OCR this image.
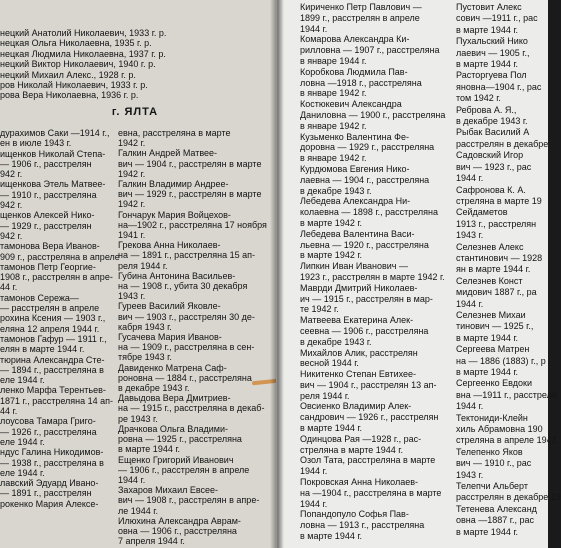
нецкий Анатолий Николаевич, 1933 г. р.
нецкая Ольга Николаевна, 1935 г. р.
нецкая Людмила Николаевна, 1937 г. р.
нецкий Виктор Николаевич, 1940 г. р.
нецкий Михаил Алекс., 1928 г. р.
ров Николай Николаевич, 1933 г. р.
рова Вера Николаевна, 1936 г. р.
г. ЯЛТА
дурахимов Саки —1914 г.,
ен в июле 1943 г.
ищенков Николай Степа-
— 1906 г., расстрелян
942 г.
ищенкова Этель Матвее-
— 1910 г., расстреляна
942 г.
щенков Алексей Нико-
— 1929 г., расстрелян
942 г.
тамонова Вера Иванов-
909 г., расстреляна в апреле
тамонов Петр Георгие-
1908 г., расстрелян в апре-
44 г.
тамонов Сережа—
— расстрелян в апреле
рохина Ксения — 1903 г.,
еляна 12 апреля 1944 г.
тамонов Гафур — 1911 г.,
елян в марте 1944 г.
тюрина Александра Сте-
— 1894 г., расстреляна в
еле 1944 г.
ленко Марфа Терентьев-
1871 г., расстреляна 14 ап-
44 г.
лоусова Тамара Григо-
— 1926 г., расстреляна
еле 1944 г.
ндус Галина Никодимов-
— 1938 г., расстреляна в
еле 1944 г.
лавский Эдуард Ивано-
— 1891 г., расстрелян
рокенко Мария Алексе-
евна, расстреляна в марте
1942 г.
Галкин Андрей Матвее-
вич — 1904 г., расстрелян в марте
1942 г.
Галкин Владимир Андрее-
вич — 1929 г., расстрелян в марте
1942 г.
Гончарук Мария Войцехов-
на—1902 г., расстреляна 17 ноября
1941 г.
Грекова Анна Николаев-
на — 1891 г., расстреляна 15 ап-
реля 1944 г.
Губина Антонина Васильев-
на — 1908 г., убита 30 декабря
1943 г.
Гуреев Василий Яковле-
вич — 1903 г., расстрелян 30 де-
кабря 1943 г.
Гусачева Мария Иванов-
на — 1909 г., расстреляна в сен-
тябре 1943 г.
Давиденко Матрена Саф-
роновна — 1884 г., расстреляна
в декабре 1943 г.
Давыдова Вера Дмитриев-
на — 1915 г., расстреляна в декаб-
ре 1943 г.
Драчкова Ольга Владими-
ровна — 1925 г., расстреляна
в марте 1944 г.
Ещенко Григорий Иванович
— 1906 г., расстрелян в апреле
1944 г.
Захаров Михаил Евсее-
вич — 1908 г., расстрелян в апре-
ле 1944 г.
Илюхина Александра Аврам-
овна — 1906 г., расстреляна
7 апреля 1944 г.
Кириченко Петр Павлович —
1899 г., расстрелян в апреле
1944 г.
Комарова Александра Ки-
рилловна — 1907 г., расстреляна
в январе 1944 г.
Коробкова Людмила Пав-
ловна —1918 г., расстреляна
в январе 1942 г.
Костюкевич Александра
Даниловна — 1900 г., расстреляна
в январе 1942 г.
Кузьменко Валентина Фе-
доровна — 1929 г., расстреляна
в январе 1942 г.
Курдюмова Евгения Нико-
лаевна — 1904 г., расстреляна
в декабре 1943 г.
Лебедева Александра Ни-
колаевна — 1898 г., расстреляна
в марте 1942 г.
Лебедева Валентина Васи-
льевна — 1920 г., расстреляна
в марте 1942 г.
Липкин Иван Иванович —
1923 г., расстрелян в марте 1942 г.
Маврди Дмитрий Николаев-
ич — 1915 г., расстрелян в мар-
те 1942 г.
Матвеева Екатерина Алек-
сеевна — 1906 г., расстреляна
в декабре 1943 г.
Михайлов Алик, расстрелян
весной 1944 г.
Никитенко Степан Евтихее-
вич — 1904 г., расстрелян 13 ап-
реля 1944 г.
Овсиенко Владимир Алек-
сандрович — 1926 г., расстрелян
в марте 1944 г.
Одинцова Рая —1928 г., рас-
стреляна в марте 1944 г.
Озол Тата, расстреляна в марте
1944 г.
Покровская Анна Николаев-
на —1904 г., расстреляна в марте
1944 г.
Попандопуло Софья Пав-
ловна — 1913 г., расстреляна
в марте 1944 г.
Пустовит Алекс
сович —1911 г., рас
в марте 1944 г.
Пухальский Нико
лаевич — 1905 г.,
в марте 1944 г.
Расторгуева Пол
яновна—1904 г., рас
том 1942 г.
Реброва А. Я.,
в декабре 1943 г.
Рыбак Василий А
расстрелян в декабре
Садовский Игор
вич — 1923 г., рас
1944 г.
Сафронова К. А.
стреляна в марте 19
Сейдаметов
1913 г., расстрелян
1943 г.
Селезнев Алекс
стантинович — 1928
ян в марте 1944 г.
Селезнев Конст
мидович 1887 г., ра
1944 г.
Селезнев Михаи
тинович — 1925 г.,
в марте 1944 г.
Сергеева Матрен
на — 1886 (1883) г., р
в марте 1944 г.
Сергеенко Евдоки
вна —1911 г., расстреля
1944 г.
Тектониди-Клейн
хиль Абрамовна 190
стреляна в апреле 1943
Телепенко Яков
вич — 1910 г., рас
1943 г.
Телепчи Альберт
расстрелян в декабре 19
Тетенева Александ
овна —1887 г., рас
в марте 1944 г.
